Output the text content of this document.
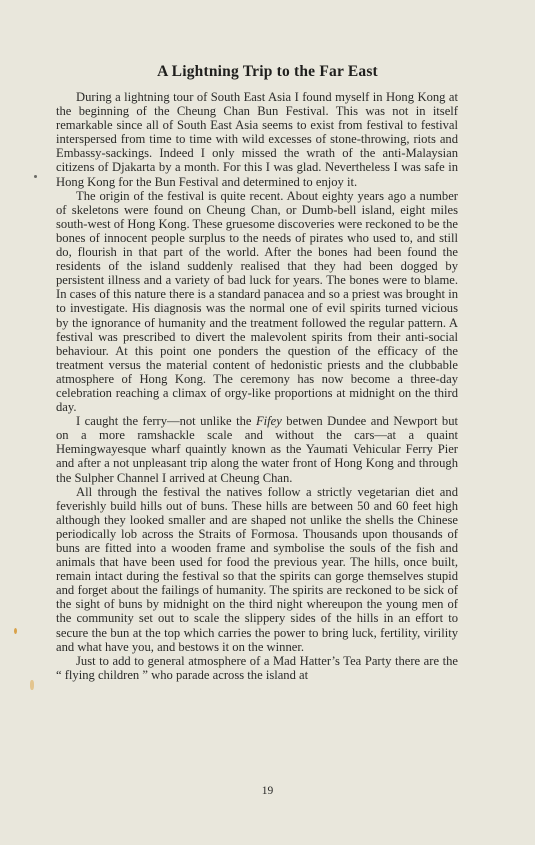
A Lightning Trip to the Far East

During a lightning tour of South East Asia I found myself in Hong Kong at the beginning of the Cheung Chan Bun Festival. This was not in itself remarkable since all of South East Asia seems to exist from festival to festival interspersed from time to time with wild excesses of stone-throwing, riots and Embassy-sackings. Indeed I only missed the wrath of the anti-Malaysian citizens of Djakarta by a month. For this I was glad. Nevertheless I was safe in Hong Kong for the Bun Festival and determined to enjoy it.

The origin of the festival is quite recent. About eighty years ago a number of skeletons were found on Cheung Chan, or Dumb-bell island, eight miles south-west of Hong Kong. These gruesome discoveries were reckoned to be the bones of innocent people surplus to the needs of pirates who used to, and still do, flourish in that part of the world. After the bones had been found the residents of the island suddenly realised that they had been dogged by persistent illness and a variety of bad luck for years. The bones were to blame. In cases of this nature there is a standard panacea and so a priest was brought in to investigate. His diagnosis was the normal one of evil spirits turned vicious by the ignorance of humanity and the treatment followed the regular pattern. A festival was prescribed to divert the malevolent spirits from their anti-social behaviour. At this point one ponders the question of the efficacy of the treatment versus the material content of hedonistic priests and the clubbable atmosphere of Hong Kong. The ceremony has now become a three-day celebration reaching a climax of orgy-like proportions at midnight on the third day.

I caught the ferry—not unlike the Fifey betwen Dundee and Newport but on a more ramshackle scale and without the cars—at a quaint Hemingwayesque wharf quaintly known as the Yaumati Vehicular Ferry Pier and after a not unpleasant trip along the water front of Hong Kong and through the Sulpher Channel I arrived at Cheung Chan.

All through the festival the natives follow a strictly vegetarian diet and feverishly build hills out of buns. These hills are between 50 and 60 feet high although they looked smaller and are shaped not unlike the shells the Chinese periodically lob across the Straits of Formosa. Thousands upon thousands of buns are fitted into a wooden frame and symbolise the souls of the fish and animals that have been used for food the previous year. The hills, once built, remain intact during the festival so that the spirits can gorge themselves stupid and forget about the failings of humanity. The spirits are reckoned to be sick of the sight of buns by midnight on the third night whereupon the young men of the community set out to scale the slippery sides of the hills in an effort to secure the bun at the top which carries the power to bring luck, fertility, virility and what have you, and bestows it on the winner.

Just to add to general atmosphere of a Mad Hatter’s Tea Party there are the “ flying children ” who parade across the island at

19
